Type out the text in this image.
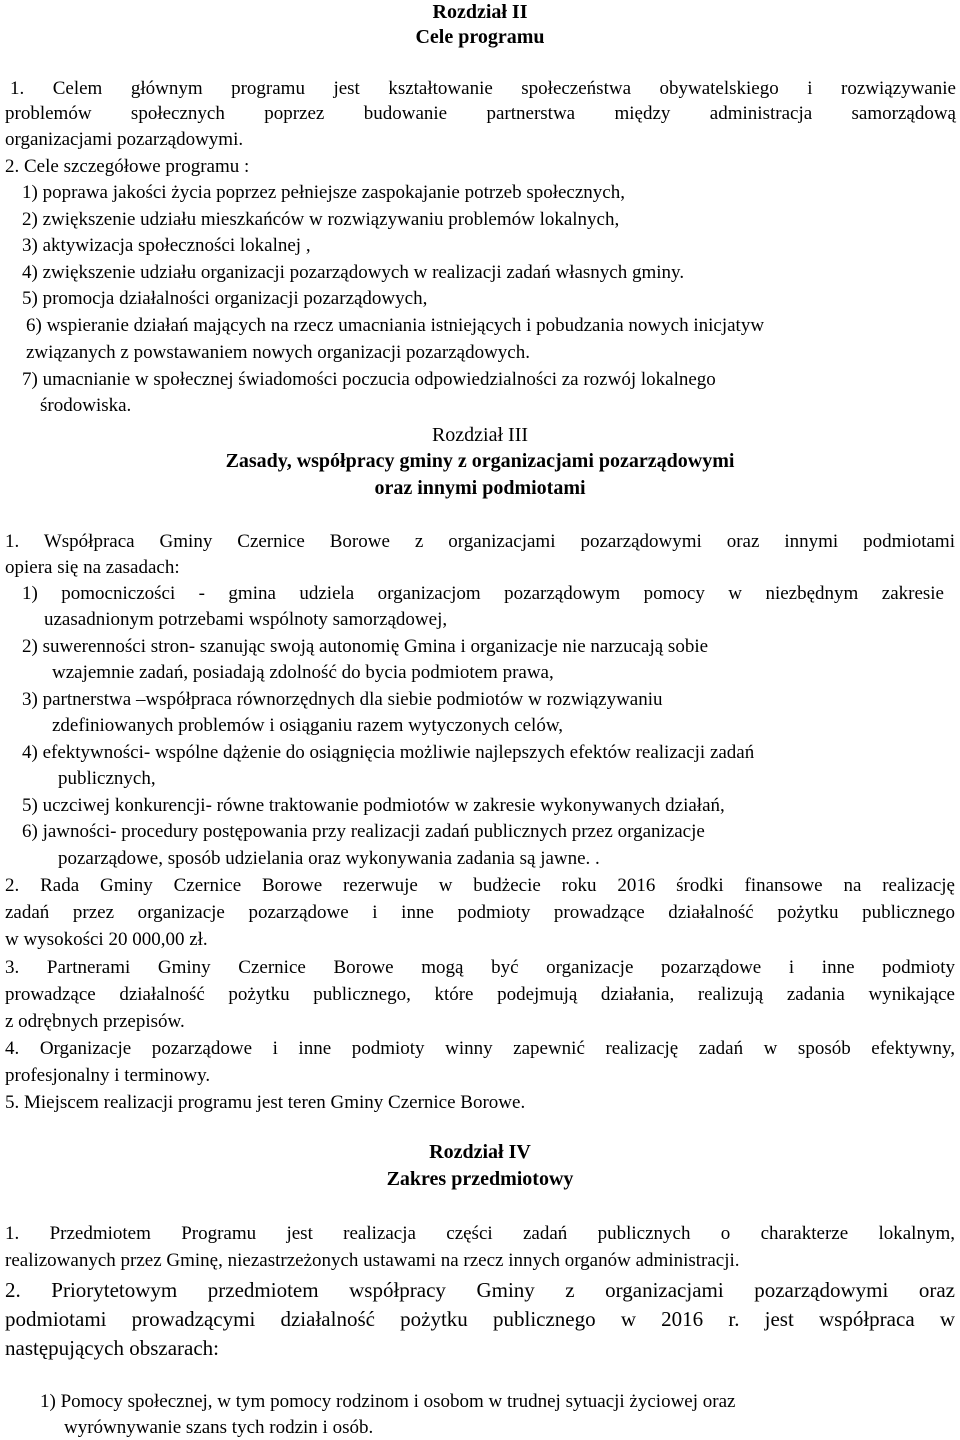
Rozdział II
Cele programu
1. Celem głównym programu jest kształtowanie społeczeństwa obywatelskiego i rozwiązywanie
problemów społecznych poprzez budowanie partnerstwa między administracja samorządową
organizacjami pozarządowymi.
2. Cele szczegółowe programu :
1) poprawa jakości życia poprzez pełniejsze zaspokajanie potrzeb społecznych,
2) zwiększenie udziału mieszkańców w rozwiązywaniu problemów lokalnych,
3) aktywizacja społeczności lokalnej ,
4) zwiększenie udziału organizacji pozarządowych w realizacji zadań własnych gminy.
5) promocja działalności organizacji pozarządowych,
6) wspieranie działań mających na rzecz umacniania istniejących i pobudzania nowych inicjatyw
związanych z powstawaniem nowych organizacji pozarządowych.
7) umacnianie w społecznej świadomości poczucia odpowiedzialności za rozwój lokalnego
środowiska.
Rozdział III
Zasady, współpracy gminy z organizacjami pozarządowymi
oraz innymi podmiotami
1. Współpraca Gminy Czernice Borowe z organizacjami pozarządowymi oraz innymi podmiotami
opiera się na zasadach:
1) pomocniczości - gmina udziela organizacjom pozarządowym pomocy w niezbędnym zakresie
uzasadnionym potrzebami wspólnoty samorządowej,
2) suwerenności stron- szanując swoją autonomię Gmina i organizacje nie narzucają sobie
wzajemnie zadań, posiadają zdolność do bycia podmiotem prawa,
3) partnerstwa –współpraca równorzędnych dla siebie podmiotów w rozwiązywaniu
zdefiniowanych problemów i osiąganiu razem wytyczonych celów,
4) efektywności- wspólne dążenie do osiągnięcia możliwie najlepszych efektów realizacji zadań
publicznych,
5) uczciwej konkurencji- równe traktowanie podmiotów w zakresie wykonywanych działań,
6) jawności- procedury postępowania przy realizacji zadań publicznych przez organizacje
pozarządowe, sposób udzielania oraz wykonywania zadania są jawne. .
2. Rada Gminy Czernice Borowe rezerwuje w budżecie roku 2016 środki finansowe na realizację
zadań przez organizacje pozarządowe i inne podmioty prowadzące działalność pożytku publicznego
w wysokości 20 000,00 zł.
3. Partnerami Gminy Czernice Borowe mogą być organizacje pozarządowe i inne podmioty
prowadzące działalność pożytku publicznego, które podejmują działania, realizują zadania wynikające
z odrębnych przepisów.
4. Organizacje pozarządowe i inne podmioty winny zapewnić realizację zadań w sposób efektywny,
profesjonalny i terminowy.
5. Miejscem realizacji programu jest teren Gminy Czernice Borowe.
Rozdział IV
Zakres przedmiotowy
1. Przedmiotem Programu jest realizacja części zadań publicznych o charakterze lokalnym,
realizowanych przez Gminę, niezastrzeżonych ustawami na rzecz innych organów administracji.
2. Priorytetowym przedmiotem współpracy Gminy z organizacjami pozarządowymi oraz
podmiotami prowadzącymi działalność pożytku publicznego w 2016 r. jest współpraca w
następujących obszarach:
1) Pomocy społecznej, w tym pomocy rodzinom i osobom w trudnej sytuacji życiowej oraz
wyrównywanie szans tych rodzin i osób.
